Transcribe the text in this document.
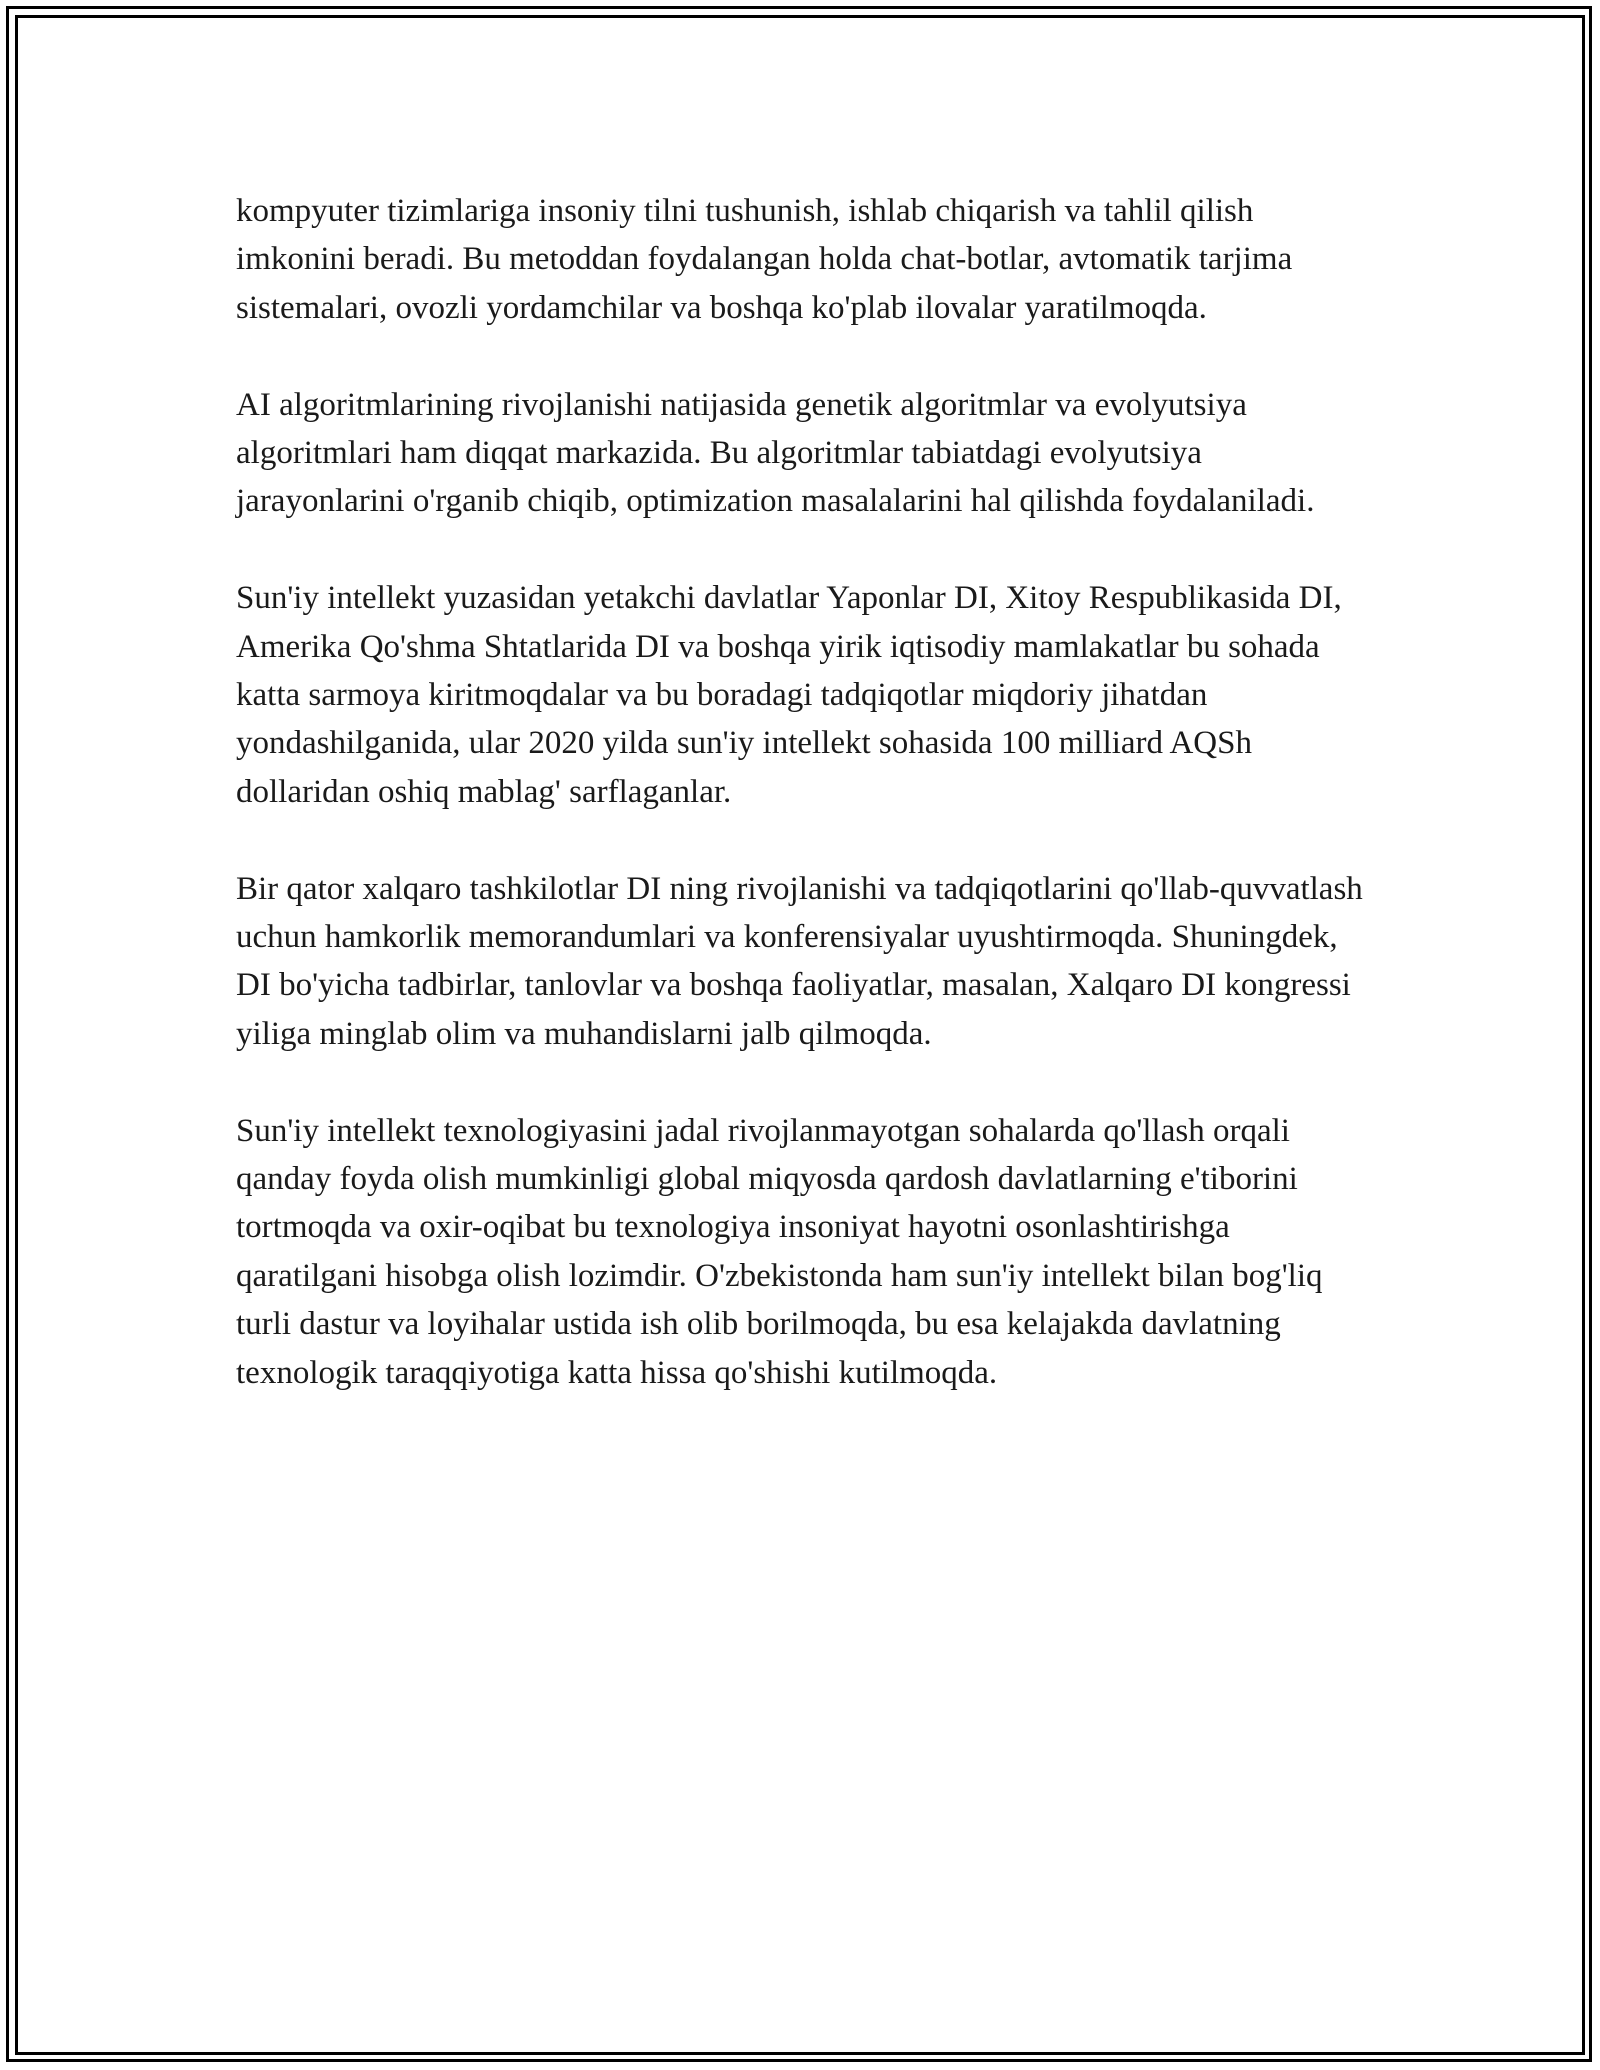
kompyuter tizimlariga insoniy tilni tushunish, ishlab chiqarish va tahlil qilish imkonini beradi. Bu metoddan foydalangan holda chat-botlar, avtomatik tarjima sistemalari, ovozli yordamchilar va boshqa ko'plab ilovalar yaratilmoqda.

AI algoritmlarining rivojlanishi natijasida genetik algoritmlar va evolyutsiya algoritmlari ham diqqat markazida. Bu algoritmlar tabiatdagi evolyutsiya jarayonlarini o'rganib chiqib, optimization masalalarini hal qilishda foydalaniladi.

Sun'iy intellekt yuzasidan yetakchi davlatlar Yaponlar DI, Xitoy Respublikasida DI, Amerika Qo'shma Shtatlarida DI va boshqa yirik iqtisodiy mamlakatlar bu sohada katta sarmoya kiritmoqdalar va bu boradagi tadqiqotlar miqdoriy jihatdan yondashilganida, ular 2020 yilda sun'iy intellekt sohasida 100 milliard AQSh dollaridan oshiq mablag' sarflaganlar.

Bir qator xalqaro tashkilotlar DI ning rivojlanishi va tadqiqotlarini qo'llab-quvvatlash uchun hamkorlik memorandumlari va konferensiyalar uyushtirmoqda. Shuningdek, DI bo'yicha tadbirlar, tanlovlar va boshqa faoliyatlar, masalan, Xalqaro DI kongressi yiliga minglab olim va muhandislarni jalb qilmoqda.

Sun'iy intellekt texnologiyasini jadal rivojlanmayotgan sohalarda qo'llash orqali qanday foyda olish mumkinligi global miqyosda qardosh davlatlarning e'tiborini tortmoqda va oxir-oqibat bu texnologiya insoniyat hayotni osonlashtirishga qaratilgani hisobga olish lozimdir. O'zbekistonda ham sun'iy intellekt bilan bog'liq turli dastur va loyihalar ustida ish olib borilmoqda, bu esa kelajakda davlatning texnologik taraqqiyotiga katta hissa qo'shishi kutilmoqda.
